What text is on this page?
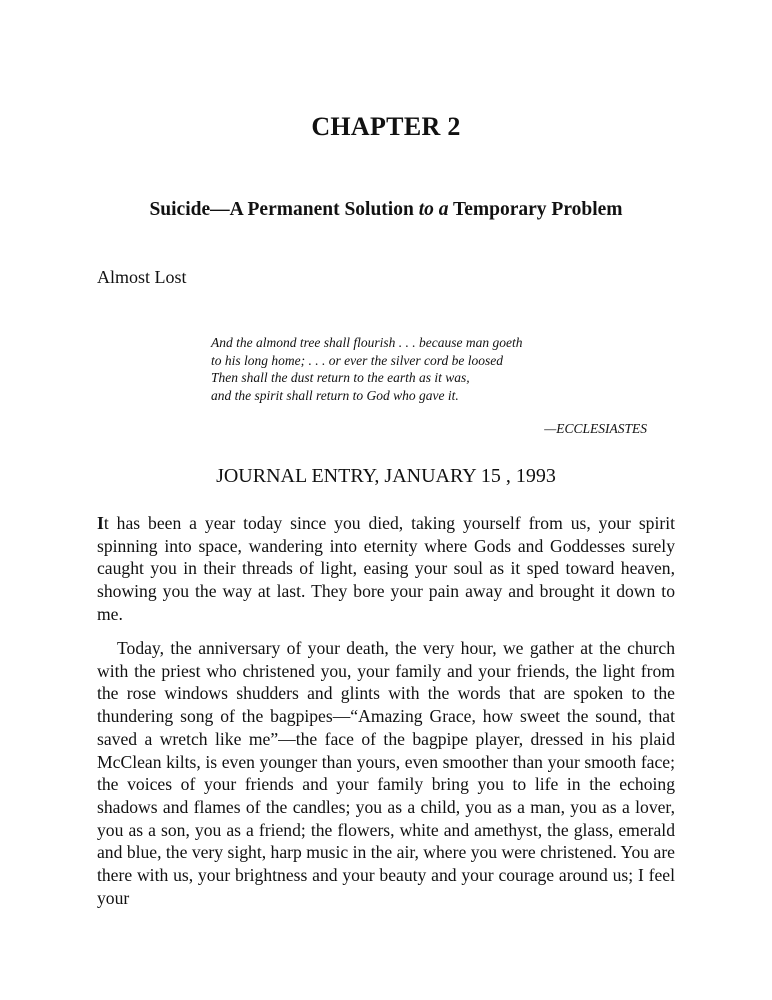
CHAPTER 2
Suicide—A Permanent Solution to a Temporary Problem
Almost Lost
And the almond tree shall flourish . . . because man goeth
to his long home; . . . or ever the silver cord be loosed
Then shall the dust return to the earth as it was,
and the spirit shall return to God who gave it.
—ECCLESIASTES
JOURNAL ENTRY, JANUARY 15 , 1993

It has been a year today since you died, taking yourself from us, your spirit spinning into space, wandering into eternity where Gods and Goddesses surely caught you in their threads of light, easing your soul as it sped toward heaven, showing you the way at last. They bore your pain away and brought it down to me.

Today, the anniversary of your death, the very hour, we gather at the church with the priest who christened you, your family and your friends, the light from the rose windows shudders and glints with the words that are spoken to the thundering song of the bagpipes—“Amazing Grace, how sweet the sound, that saved a wretch like me”—the face of the bagpipe player, dressed in his plaid McClean kilts, is even younger than yours, even smoother than your smooth face; the voices of your friends and your family bring you to life in the echoing shadows and flames of the candles; you as a child, you as a man, you as a lover, you as a son, you as a friend; the flowers, white and amethyst, the glass, emerald and blue, the very sight, harp music in the air, where you were christened. You are there with us, your brightness and your beauty and your courage around us; I feel your
